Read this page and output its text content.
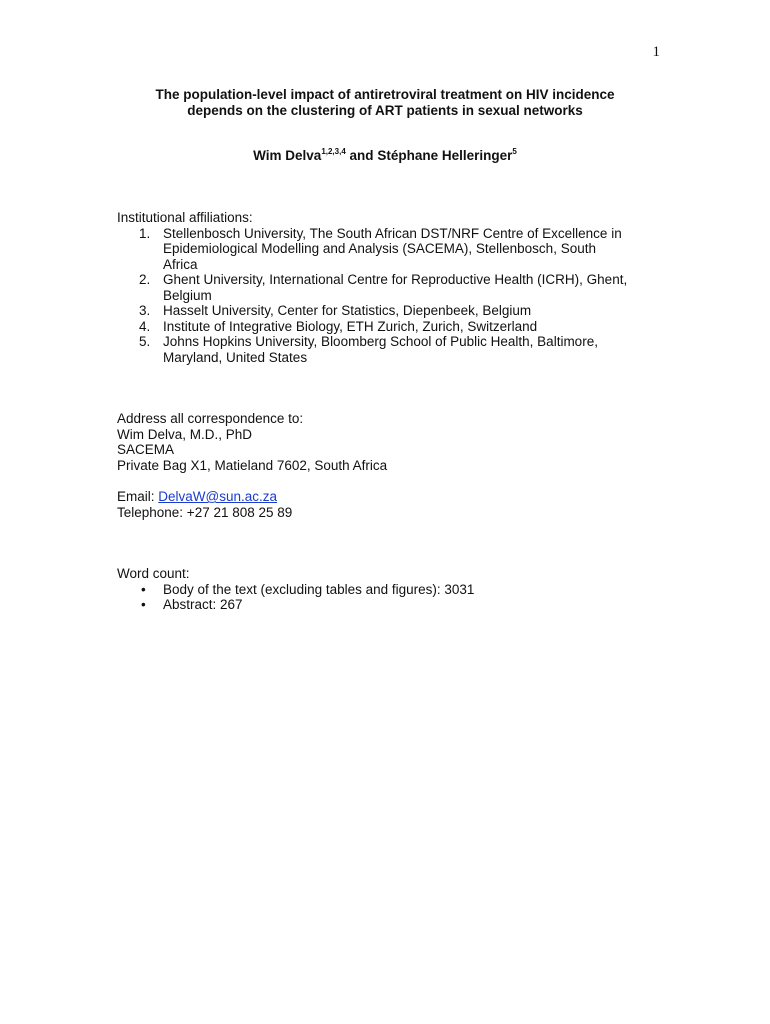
1
The population-level impact of antiretroviral treatment on HIV incidence
depends on the clustering of ART patients in sexual networks
Wim Delva$^{1,2,3,4}$ and Stéphane Helleringer$^5$
Institutional affiliations:
1. Stellenbosch University, The South African DST/NRF Centre of Excellence in
Epidemiological Modelling and Analysis (SACEMA), Stellenbosch, South
Africa
2. Ghent University, International Centre for Reproductive Health (ICRH), Ghent,
Belgium
3. Hasselt University, Center for Statistics, Diepenbeek, Belgium
4. Institute of Integrative Biology, ETH Zurich, Zurich, Switzerland
5. Johns Hopkins University, Bloomberg School of Public Health, Baltimore,
Maryland, United States
Address all correspondence to:
Wim Delva, M.D., PhD
SACEMA
Private Bag X1, Matieland 7602, South Africa
Email: DelvaW@sun.ac.za
Telephone: +27 21 808 25 89
Word count:
• Body of the text (excluding tables and figures): 3031
• Abstract: 267
